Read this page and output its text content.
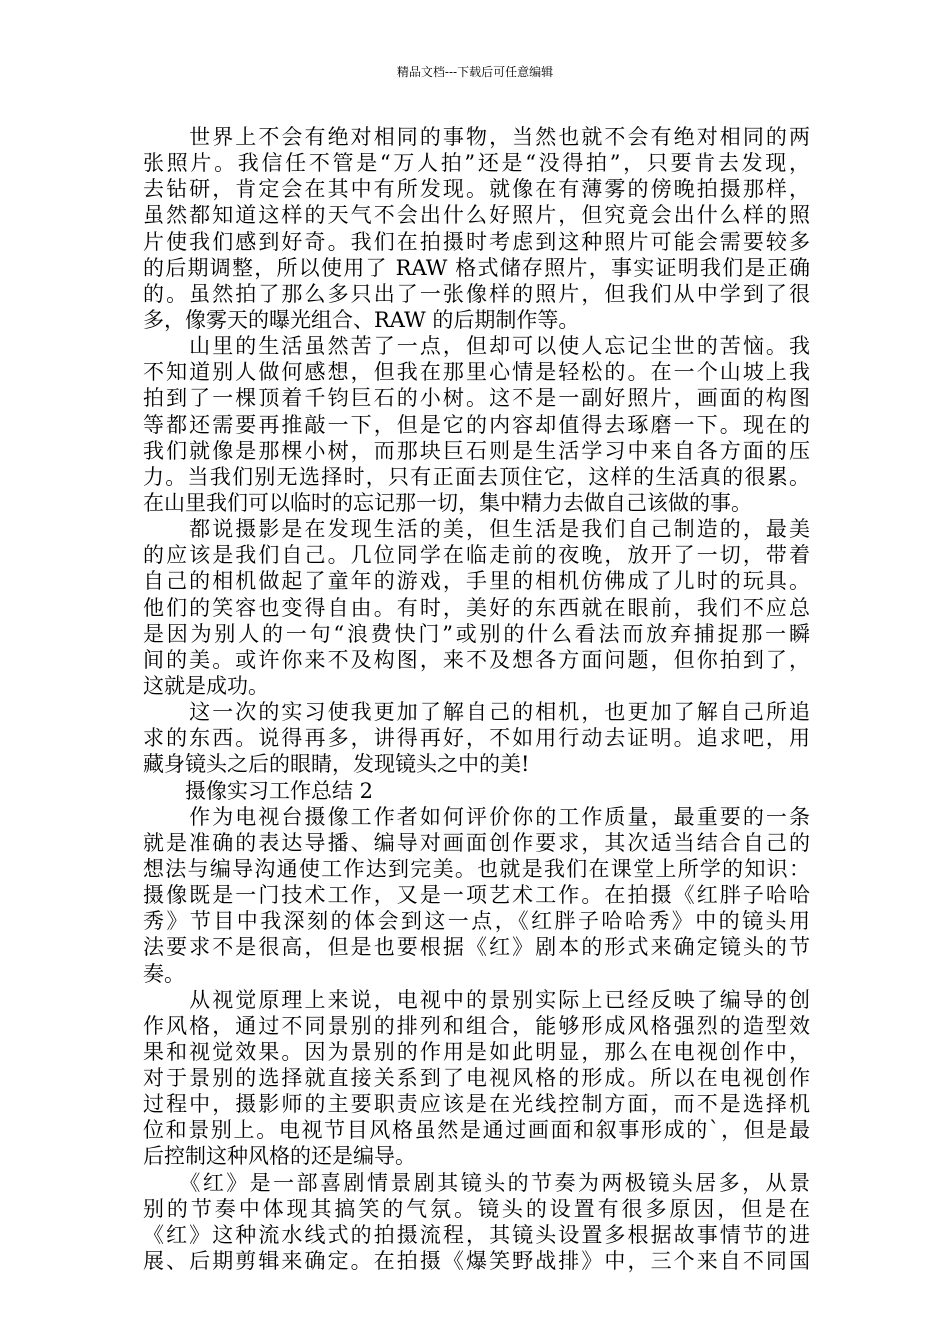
精品文档---下载后可任意编辑
　　世界上不会有绝对相同的事物，当然也就不会有绝对相同的两
张照片。我信任不管是“万人拍”还是“没得拍”，只要肯去发现，
去钻研，肯定会在其中有所发现。就像在有薄雾的傍晚拍摄那样，
虽然都知道这样的天气不会出什么好照片，但究竟会出什么样的照
片使我们感到好奇。我们在拍摄时考虑到这种照片可能会需要较多
的后期调整，所以使用了 RAW 格式储存照片，事实证明我们是正确
的。虽然拍了那么多只出了一张像样的照片，但我们从中学到了很
多，像雾天的曝光组合、RAW 的后期制作等。
　　山里的生活虽然苦了一点，但却可以使人忘记尘世的苦恼。我
不知道别人做何感想，但我在那里心情是轻松的。在一个山坡上我
拍到了一棵顶着千钧巨石的小树。这不是一副好照片，画面的构图
等都还需要再推敲一下，但是它的内容却值得去琢磨一下。现在的
我们就像是那棵小树，而那块巨石则是生活学习中来自各方面的压
力。当我们别无选择时，只有正面去顶住它，这样的生活真的很累。
在山里我们可以临时的忘记那一切，集中精力去做自己该做的事。
　　都说摄影是在发现生活的美，但生活是我们自己制造的，最美
的应该是我们自己。几位同学在临走前的夜晚，放开了一切，带着
自己的相机做起了童年的游戏，手里的相机仿佛成了儿时的玩具。
他们的笑容也变得自由。有时，美好的东西就在眼前，我们不应总
是因为别人的一句“浪费快门”或别的什么看法而放弃捕捉那一瞬
间的美。或许你来不及构图，来不及想各方面问题，但你拍到了，
这就是成功。
　　这一次的实习使我更加了解自己的相机，也更加了解自己所追
求的东西。说得再多，讲得再好，不如用行动去证明。追求吧，用
藏身镜头之后的眼睛，发现镜头之中的美!
　　摄像实习工作总结 2
　　作为电视台摄像工作者如何评价你的工作质量，最重要的一条
就是准确的表达导播、编导对画面创作要求，其次适当结合自己的
想法与编导沟通使工作达到完美。也就是我们在课堂上所学的知识：
摄像既是一门技术工作，又是一项艺术工作。在拍摄《红胖子哈哈
秀》节目中我深刻的体会到这一点，《红胖子哈哈秀》中的镜头用
法要求不是很高，但是也要根据《红》剧本的形式来确定镜头的节
奏。
　　从视觉原理上来说，电视中的景别实际上已经反映了编导的创
作风格，通过不同景别的排列和组合，能够形成风格强烈的造型效
果和视觉效果。因为景别的作用是如此明显，那么在电视创作中，
对于景别的选择就直接关系到了电视风格的形成。所以在电视创作
过程中，摄影师的主要职责应该是在光线控制方面，而不是选择机
位和景别上。电视节目风格虽然是通过画面和叙事形成的`，但是最
后控制这种风格的还是编导。
　　《红》是一部喜剧情景剧其镜头的节奏为两极镜头居多，从景
别的节奏中体现其搞笑的气氛。镜头的设置有很多原因，但是在
《红》这种流水线式的拍摄流程，其镜头设置多根据故事情节的进
展、后期剪辑来确定。在拍摄《爆笑野战排》中，三个来自不同国
